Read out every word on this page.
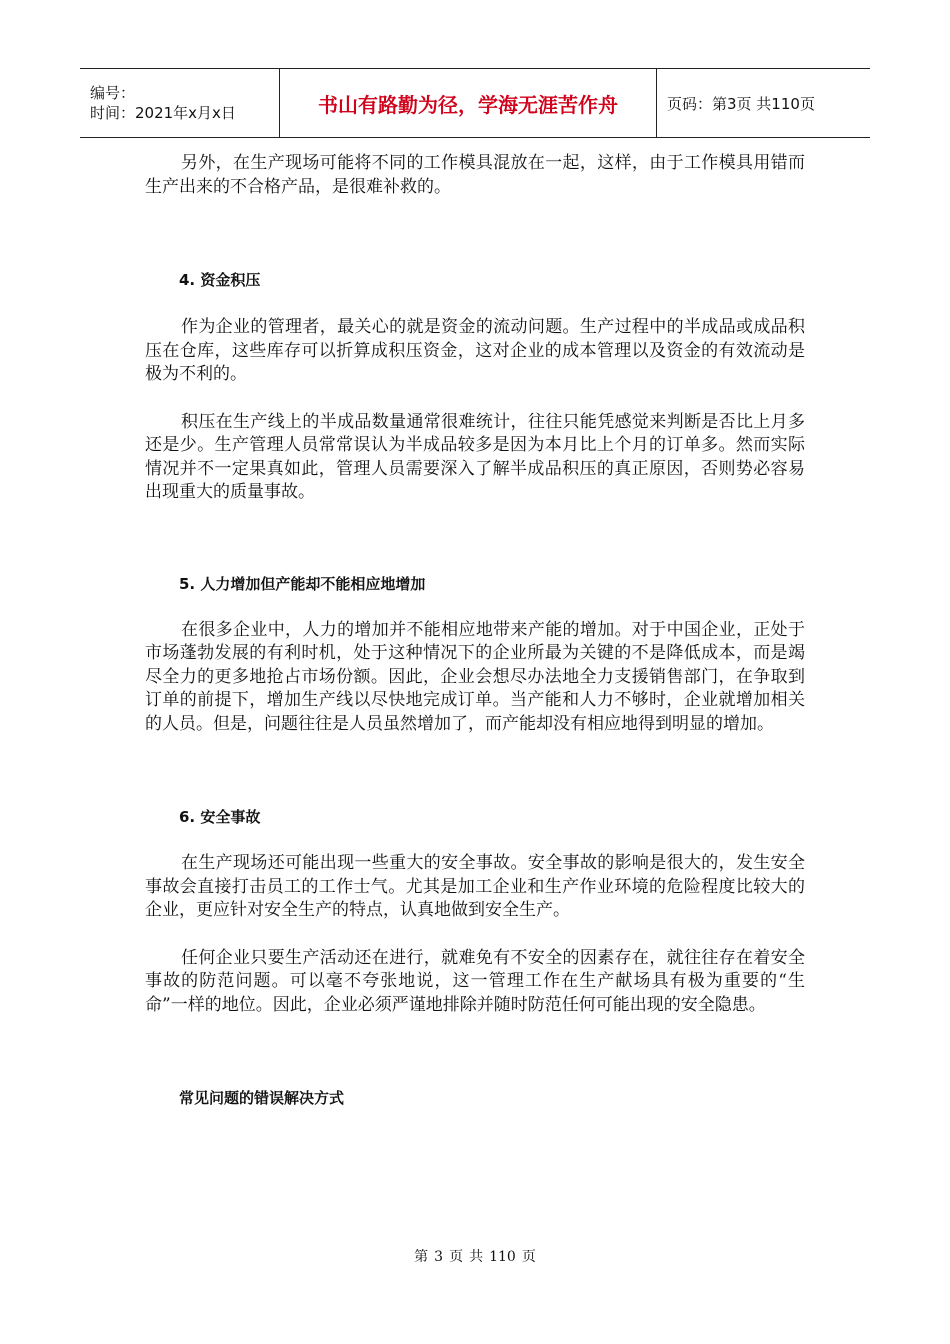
编号：
时间：2021年x月x日	书山有路勤为径，学海无涯苦作舟	页码：第3页 共110页

另外，在生产现场可能将不同的工作模具混放在一起，这样，由于工作模具用错而生产出来的不合格产品，是很难补救的。

4. 资金积压

作为企业的管理者，最关心的就是资金的流动问题。生产过程中的半成品或成品积压在仓库，这些库存可以折算成积压资金，这对企业的成本管理以及资金的有效流动是极为不利的。

积压在生产线上的半成品数量通常很难统计，往往只能凭感觉来判断是否比上月多还是少。生产管理人员常常误认为半成品较多是因为本月比上个月的订单多。然而实际情况并不一定果真如此，管理人员需要深入了解半成品积压的真正原因，否则势必容易出现重大的质量事故。

5. 人力增加但产能却不能相应地增加

在很多企业中，人力的增加并不能相应地带来产能的增加。对于中国企业，正处于市场蓬勃发展的有利时机，处于这种情况下的企业所最为关键的不是降低成本，而是竭尽全力的更多地抢占市场份额。因此，企业会想尽办法地全力支援销售部门，在争取到订单的前提下，增加生产线以尽快地完成订单。当产能和人力不够时，企业就增加相关的人员。但是，问题往往是人员虽然增加了，而产能却没有相应地得到明显的增加。

6. 安全事故

在生产现场还可能出现一些重大的安全事故。安全事故的影响是很大的，发生安全事故会直接打击员工的工作士气。尤其是加工企业和生产作业环境的危险程度比较大的企业，更应针对安全生产的特点，认真地做到安全生产。

任何企业只要生产活动还在进行，就难免有不安全的因素存在，就往往存在着安全事故的防范问题。可以毫不夸张地说，这一管理工作在生产献场具有极为重要的“生命”一样的地位。因此，企业必须严谨地排除并随时防范任何可能出现的安全隐患。

常见问题的错误解决方式
第 3 页 共 110 页
